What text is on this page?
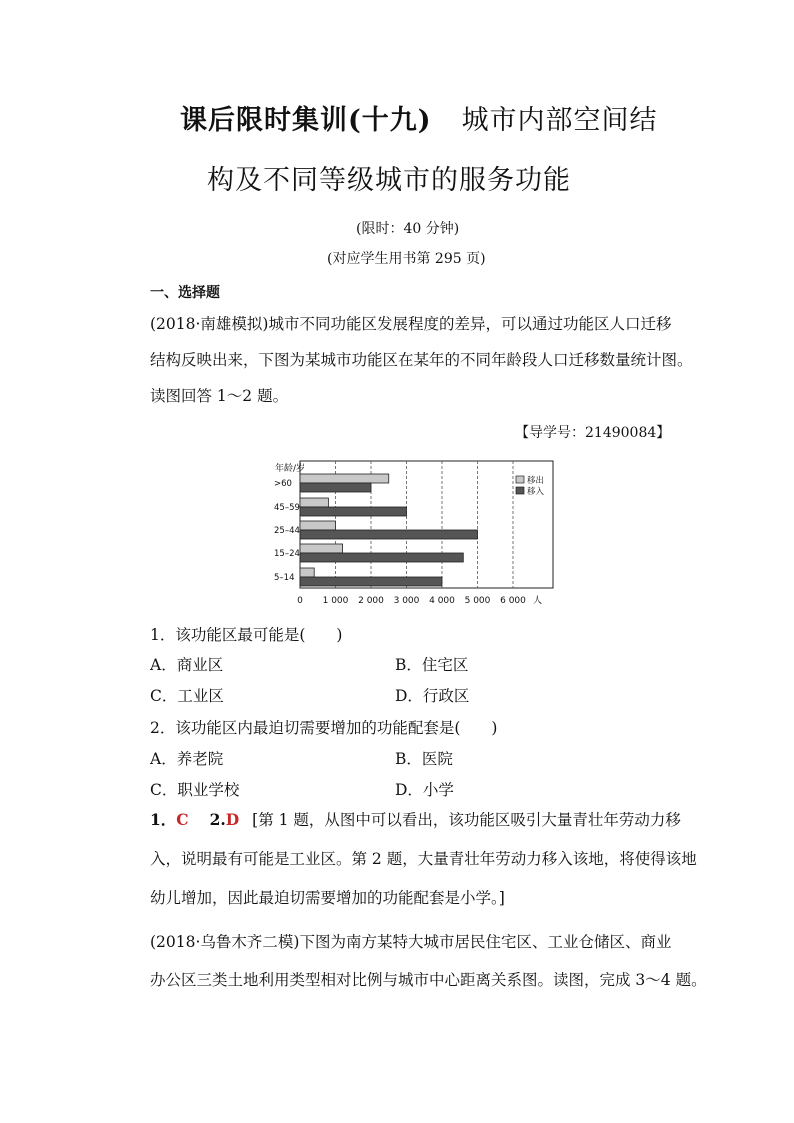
课后限时集训(十九) 城市内部空间结
构及不同等级城市的服务功能
(限时：40 分钟)
(对应学生用书第 295 页)
一、选择题
(2018·南雄模拟)城市不同功能区发展程度的差异，可以通过功能区人口迁移
结构反映出来，下图为某城市功能区在某年的不同年龄段人口迁移数量统计图。
读图回答 1～2 题。
【导学号：21490084】
年龄/岁
>60
45–59
25–44
15–24
5–14
0 1 000 2 000 3 000 4 000 5 000 6 000 人
移出
移入
1．该功能区最可能是(　　)
A．商业区	B．住宅区
C．工业区	D．行政区
2．该功能区内最迫切需要增加的功能配套是(　　)
A．养老院	B．医院
C．职业学校	D．小学
1．C 2.D [第 1 题，从图中可以看出，该功能区吸引大量青壮年劳动力移
入，说明最有可能是工业区。第 2 题，大量青壮年劳动力移入该地，将使得该地
幼儿增加，因此最迫切需要增加的功能配套是小学。]
(2018·乌鲁木齐二模)下图为南方某特大城市居民住宅区、工业仓储区、商业
办公区三类土地利用类型相对比例与城市中心距离关系图。读图，完成 3～4 题。
